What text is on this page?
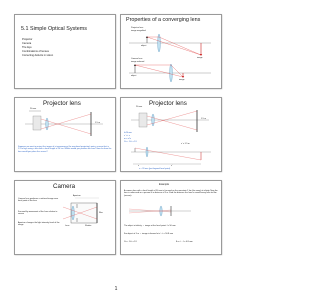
5.1 Simple Optical Systems
Projector
Camera
The Eye
Combinations of lenses
Correcting defects in vision
Properties of a converging lens
Projector lens
image magnified
object
image
Camera lens
image reduced
image
object
Projector lens
20 mm
1.5 m
Suppose we want to project the image of a transparency (for overhead projection) onto a screen that is 1.5 m high using a lens with a focal length of 20 cm. Where would you position the lens? How far from the lens would you place the screen?
Projector lens
20 mm
1.5 m
f=20 mm
s' >> s
m = s'/s
1/s + 1/s' = 1/f
s	s'
s' = 1.5 m
s ≈ 20 mm (just beyond focal point)
Camera
Camera lens produces a reduced image near focal point of the lens
Focused by movement of the lens relative to sensor
Aperture changes the light intensity level of the image	Lens
Aperture
Shutter
Film
Example
A camera lens with a focal length of 50 mm is focused on the mountain 2 km (far away) at infinity. Now the lens is refocused on a person at a distance of 3 m. Find the distance the lens is moved away from its film (sensor).
The object at infinity → image at the focal point: f = 50 mm
For object at 3 m → image is formed at s': s' = 50.8 mm
1/s + 1/s' = 1/f	Δ = s' − f = 0.8 mm
1
